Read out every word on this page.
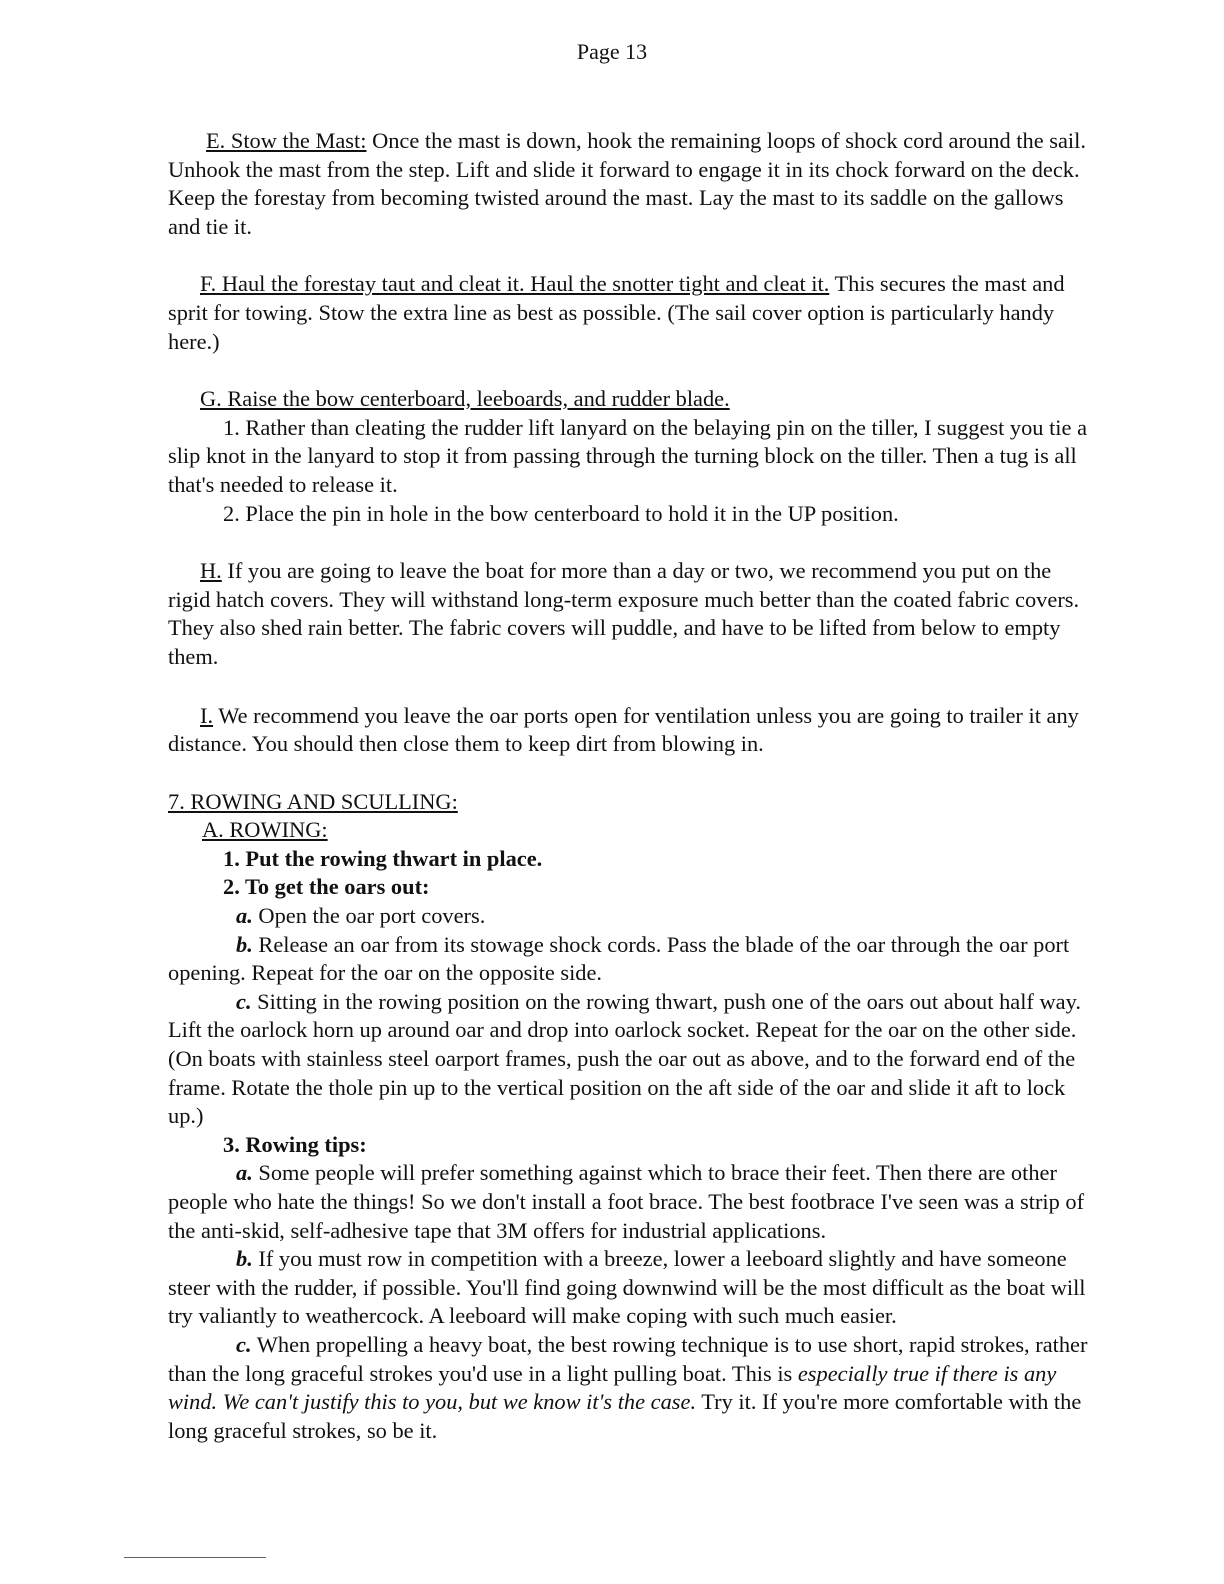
Page 13

E. Stow the Mast: Once the mast is down, hook the remaining loops of shock cord around the sail. Unhook the mast from the step. Lift and slide it forward to engage it in its chock forward on the deck. Keep the forestay from becoming twisted around the mast. Lay the mast to its saddle on the gallows and tie it.

F. Haul the forestay taut and cleat it. Haul the snotter tight and cleat it. This secures the mast and sprit for towing. Stow the extra line as best as possible. (The sail cover option is particularly handy here.)

G. Raise the bow centerboard, leeboards, and rudder blade.

1. Rather than cleating the rudder lift lanyard on the belaying pin on the tiller, I suggest you tie a slip knot in the lanyard to stop it from passing through the turning block on the tiller. Then a tug is all that's needed to release it.

2. Place the pin in hole in the bow centerboard to hold it in the UP position.

H. If you are going to leave the boat for more than a day or two, we recommend you put on the rigid hatch covers. They will withstand long-term exposure much better than the coated fabric covers. They also shed rain better. The fabric covers will puddle, and have to be lifted from below to empty them.

I. We recommend you leave the oar ports open for ventilation unless you are going to trailer it any distance. You should then close them to keep dirt from blowing in.

7. ROWING AND SCULLING:

A. ROWING:

1. Put the rowing thwart in place.

2. To get the oars out:

a. Open the oar port covers.

b. Release an oar from its stowage shock cords. Pass the blade of the oar through the oar port opening. Repeat for the oar on the opposite side.

c. Sitting in the rowing position on the rowing thwart, push one of the oars out about half way. Lift the oarlock horn up around oar and drop into oarlock socket. Repeat for the oar on the other side. (On boats with stainless steel oarport frames, push the oar out as above, and to the forward end of the frame. Rotate the thole pin up to the vertical position on the aft side of the oar and slide it aft to lock up.)

3. Rowing tips:

a. Some people will prefer something against which to brace their feet. Then there are other people who hate the things! So we don't install a foot brace. The best footbrace I've seen was a strip of the anti-skid, self-adhesive tape that 3M offers for industrial applications.

b. If you must row in competition with a breeze, lower a leeboard slightly and have someone steer with the rudder, if possible. You'll find going downwind will be the most difficult as the boat will try valiantly to weathercock. A leeboard will make coping with such much easier.

c. When propelling a heavy boat, the best rowing technique is to use short, rapid strokes, rather than the long graceful strokes you'd use in a light pulling boat. This is especially true if there is any wind. We can't justify this to you, but we know it's the case. Try it. If you're more comfortable with the long graceful strokes, so be it.
